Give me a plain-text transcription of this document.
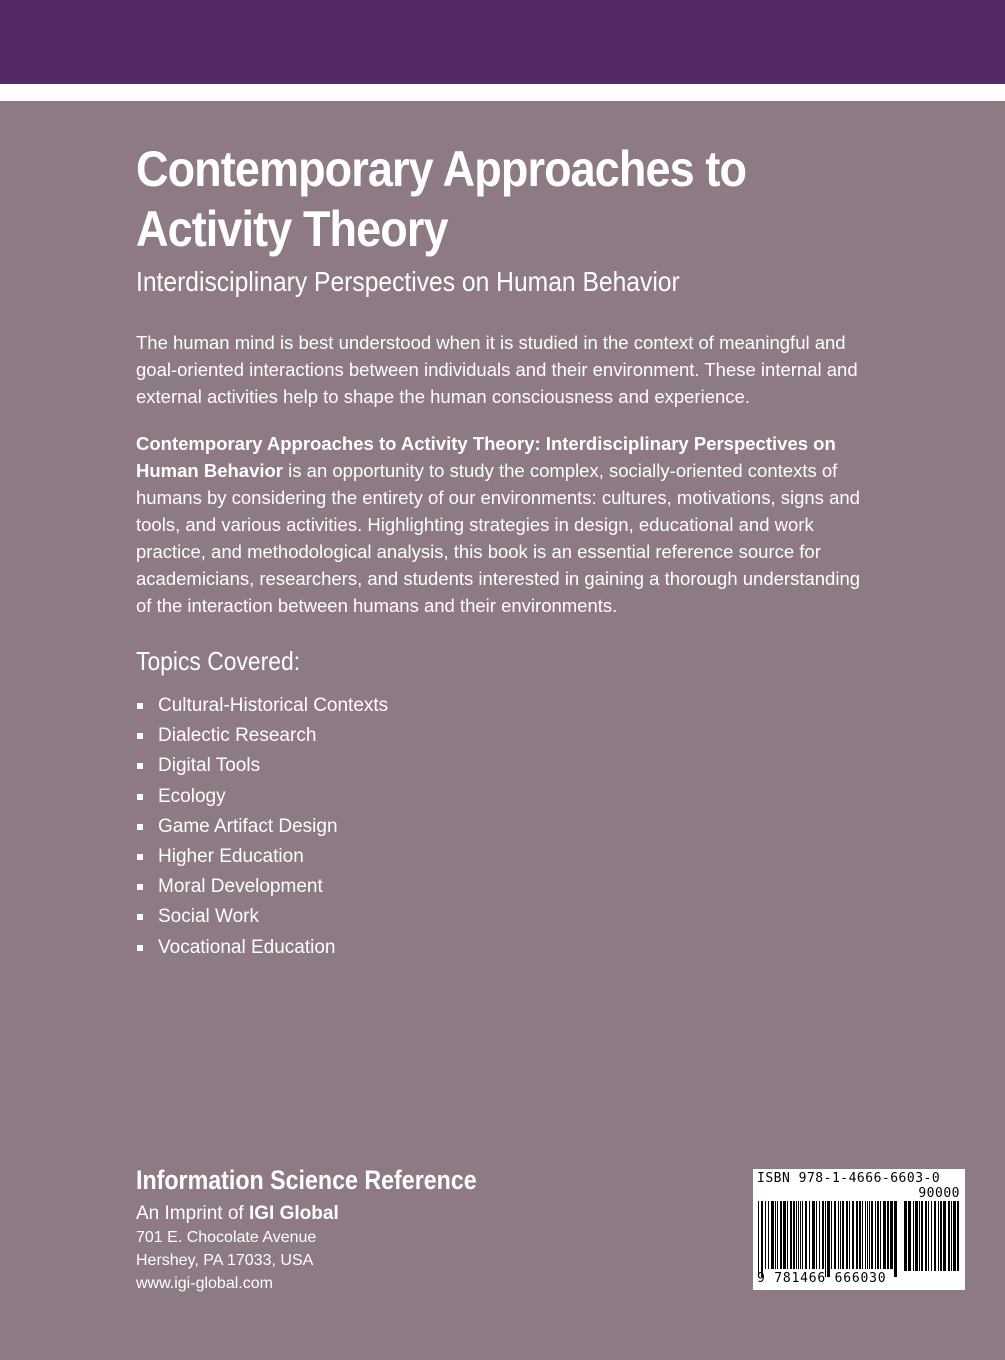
Contemporary Approaches to Activity Theory
Interdisciplinary Perspectives on Human Behavior

The human mind is best understood when it is studied in the context of meaningful and goal-oriented interactions between individuals and their environment. These internal and external activities help to shape the human consciousness and experience.

Contemporary Approaches to Activity Theory: Interdisciplinary Perspectives on Human Behavior is an opportunity to study the complex, socially-oriented contexts of humans by considering the entirety of our environments: cultures, motivations, signs and tools, and various activities. Highlighting strategies in design, educational and work practice, and methodological analysis, this book is an essential reference source for academicians, researchers, and students interested in gaining a thorough understanding of the interaction between humans and their environments.

Topics Covered:
Cultural-Historical Contexts
Dialectic Research
Digital Tools
Ecology
Game Artifact Design
Higher Education
Moral Development
Social Work
Vocational Education
Information Science Reference
An Imprint of IGI Global
701 E. Chocolate Avenue
Hershey, PA 17033, USA
www.igi-global.com
ISBN 978-1-4666-6603-0
90000
9 781466 666030
